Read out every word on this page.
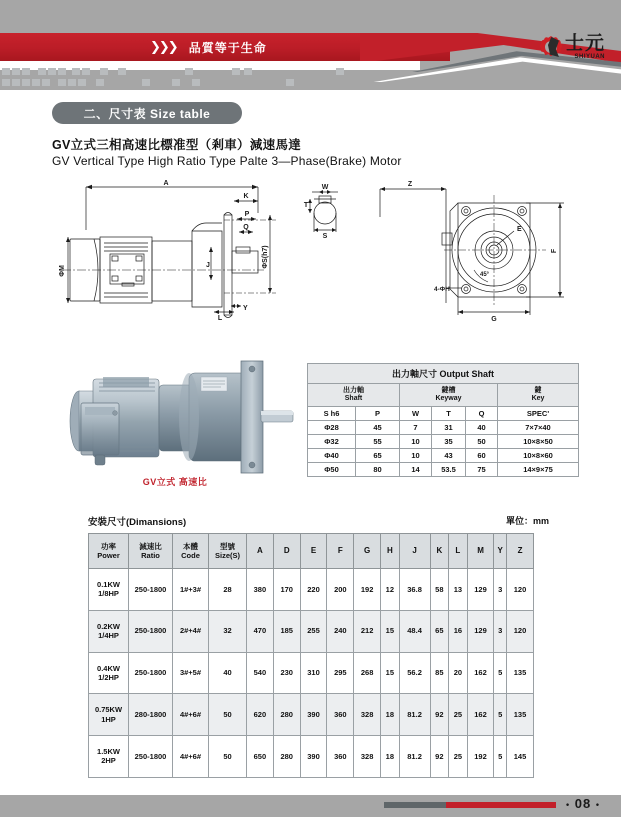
❯❯❯ 品質等于生命	士元
SHIYUAN
二、尺寸表 Size table
GV立式三相高速比標准型（剎車）減速馬達
GV Vertical Type High Ratio Type Palte 3—Phase(Brake) Motor
A
K
P
Q
ΦS(h7)
ΦM	J
L
Y
W
T
S
Z
F
G
E
45°
4-ΦH
GV立式 高速比
出力軸尺寸 Output Shaft					
出力軸
Shaft		鍵槽
Keyway			鍵
Key
S h6	P	W	T	Q	SPEC'
Φ28	45	7	31	40	7×7×40
Φ32	55	10	35	50	10×8×50
Φ40	65	10	43	60	10×8×60
Φ50	80	14	53.5	75	14×9×75
安裝尺寸(Dimansions)	單位：mm
功率
Power	減速比
Ratio	本體
Code	型號
Size(S)	A	D	E	F	G	H	J	K	L	M	Y	Z
0.1KW
1/8HP	250-1800	1#+3#	28	380	170	220	200	192	12	36.8	58	13	129	3	120
0.2KW
1/4HP	250-1800	2#+4#	32	470	185	255	240	212	15	48.4	65	16	129	3	120
0.4KW
1/2HP	250-1800	3#+5#	40	540	230	310	295	268	15	56.2	85	20	162	5	135
0.75KW
1HP	280-1800	4#+6#	50	620	280	390	360	328	18	81.2	92	25	162	5	135
1.5KW
2HP	250-1800	4#+6#	50	650	280	390	360	328	18	81.2	92	25	192	5	145
• 08 •
